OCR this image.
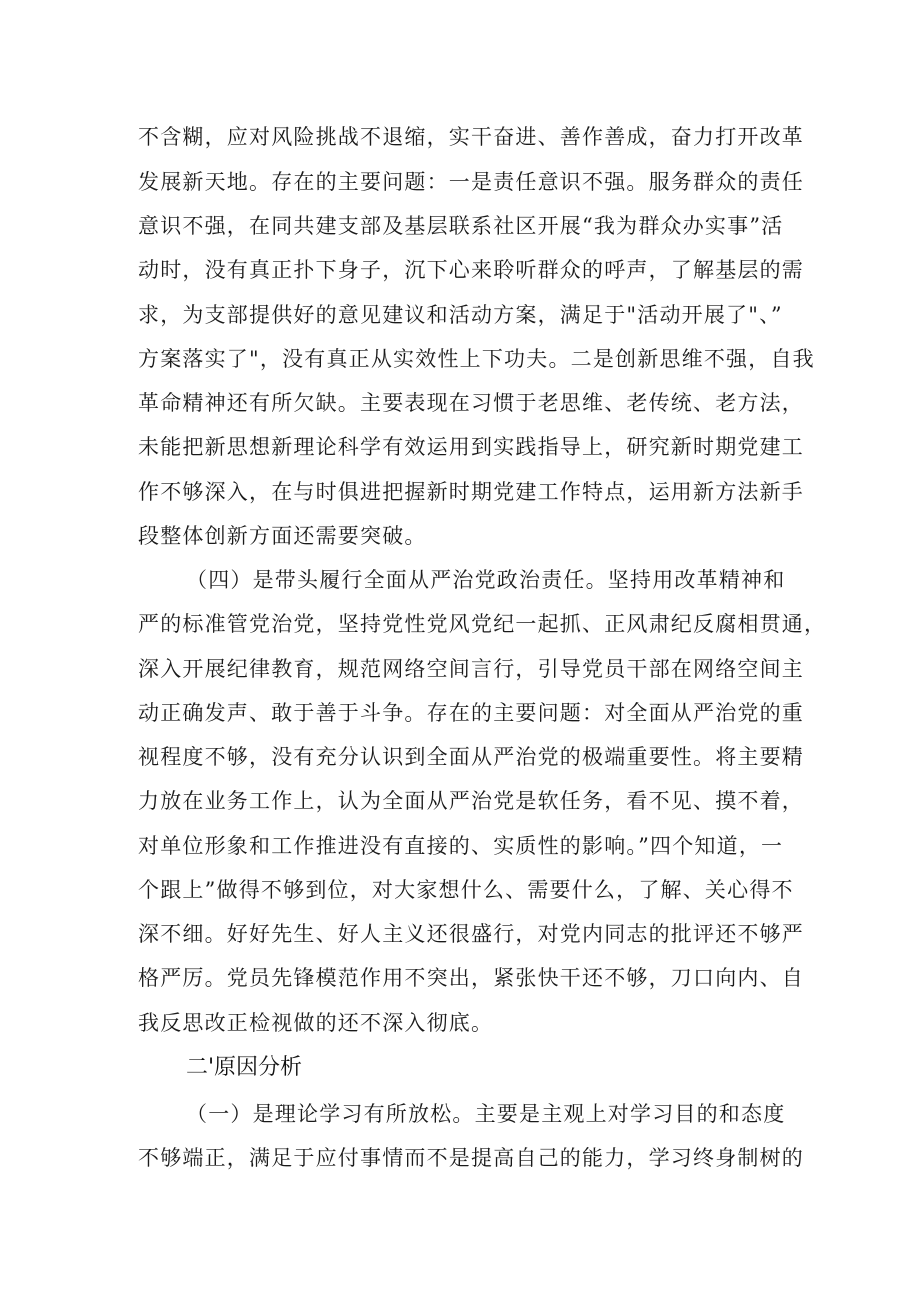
不含糊，应对风险挑战不退缩，实干奋进、善作善成，奋力打开改革
发展新天地。存在的主要问题：一是责任意识不强。服务群众的责任
意识不强，在同共建支部及基层联系社区开展“我为群众办实事”活
动时，没有真正扑下身子，沉下心来聆听群众的呼声，了解基层的需
求，为支部提供好的意见建议和活动方案，满足于"活动开展了"、”
方案落实了"，没有真正从实效性上下功夫。二是创新思维不强，自我
革命精神还有所欠缺。主要表现在习惯于老思维、老传统、老方法，
未能把新思想新理论科学有效运用到实践指导上，研究新时期党建工
作不够深入，在与时俱进把握新时期党建工作特点，运用新方法新手
段整体创新方面还需要突破。
（四）是带头履行全面从严治党政治责任。坚持用改革精神和
严的标准管党治党，坚持党性党风党纪一起抓、正风肃纪反腐相贯通，
深入开展纪律教育，规范网络空间言行，引导党员干部在网络空间主
动正确发声、敢于善于斗争。存在的主要问题：对全面从严治党的重
视程度不够，没有充分认识到全面从严治党的极端重要性。将主要精
力放在业务工作上，认为全面从严治党是软任务，看不见、摸不着，
对单位形象和工作推进没有直接的、实质性的影响。”四个知道，一
个跟上”做得不够到位，对大家想什么、需要什么，了解、关心得不
深不细。好好先生、好人主义还很盛行，对党内同志的批评还不够严
格严厉。党员先锋模范作用不突出，紧张快干还不够，刀口向内、自
我反思改正检视做的还不深入彻底。
二'原因分析
（一）是理论学习有所放松。主要是主观上对学习目的和态度
不够端正，满足于应付事情而不是提高自己的能力，学习终身制树的
